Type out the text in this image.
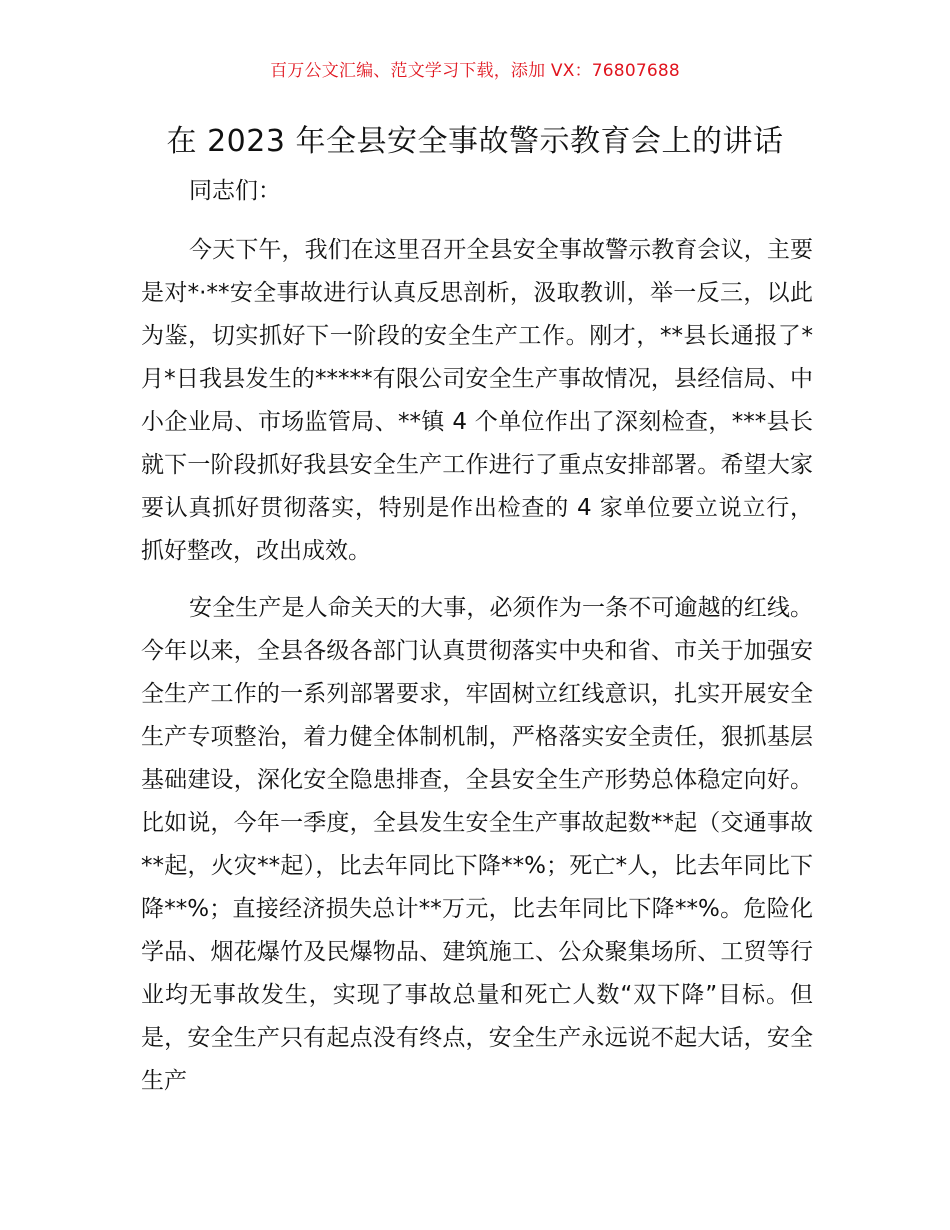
百万公文汇编、范文学习下载，添加 VX：76807688
在 2023 年全县安全事故警示教育会上的讲话

同志们：

今天下午，我们在这里召开全县安全事故警示教育会议，主要是对*·**安全事故进行认真反思剖析，汲取教训，举一反三，以此为鉴，切实抓好下一阶段的安全生产工作。刚才，**县长通报了*月*日我县发生的*****有限公司安全生产事故情况，县经信局、中小企业局、市场监管局、**镇 4 个单位作出了深刻检查，***县长就下一阶段抓好我县安全生产工作进行了重点安排部署。希望大家要认真抓好贯彻落实，特别是作出检查的 4 家单位要立说立行，抓好整改，改出成效。

安全生产是人命关天的大事，必须作为一条不可逾越的红线。今年以来，全县各级各部门认真贯彻落实中央和省、市关于加强安全生产工作的一系列部署要求，牢固树立红线意识，扎实开展安全生产专项整治，着力健全体制机制，严格落实安全责任，狠抓基层基础建设，深化安全隐患排查，全县安全生产形势总体稳定向好。比如说，今年一季度，全县发生安全生产事故起数**起（交通事故**起，火灾**起），比去年同比下降**%；死亡*人，比去年同比下降**%；直接经济损失总计**万元，比去年同比下降**%。危险化学品、烟花爆竹及民爆物品、建筑施工、公众聚集场所、工贸等行业均无事故发生，实现了事故总量和死亡人数“双下降”目标。但是，安全生产只有起点没有终点，安全生产永远说不起大话，安全生产
